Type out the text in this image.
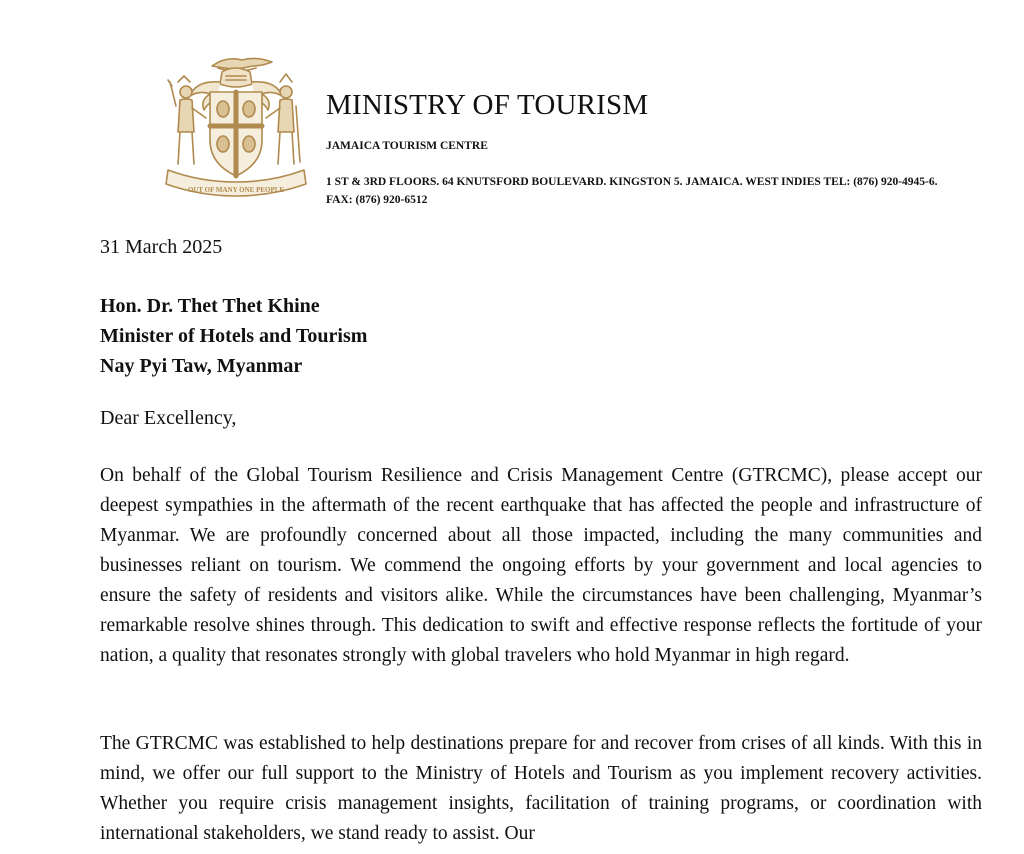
OUT OF MANY ONE PEOPLE
MINISTRY OF TOURISM
JAMAICA TOURISM CENTRE
1 ST & 3RD FLOORS. 64 KNUTSFORD BOULEVARD. KINGSTON 5. JAMAICA. WEST INDIES TEL: (876) 920-4945-6. FAX: (876) 920-6512
31 March 2025
Hon. Dr. Thet Thet Khine
Minister of Hotels and Tourism
Nay Pyi Taw, Myanmar
Dear Excellency,

On behalf of the Global Tourism Resilience and Crisis Management Centre (GTRCMC), please accept our deepest sympathies in the aftermath of the recent earthquake that has affected the people and infrastructure of Myanmar. We are profoundly concerned about all those impacted, including the many communities and businesses reliant on tourism. We commend the ongoing efforts by your government and local agencies to ensure the safety of residents and visitors alike. While the circumstances have been challenging, Myanmar’s remarkable resolve shines through. This dedication to swift and effective response reflects the fortitude of your nation, a quality that resonates strongly with global travelers who hold Myanmar in high regard.

The GTRCMC was established to help destinations prepare for and recover from crises of all kinds. With this in mind, we offer our full support to the Ministry of Hotels and Tourism as you implement recovery activities. Whether you require crisis management insights, facilitation of training programs, or coordination with international stakeholders, we stand ready to assist. Our
